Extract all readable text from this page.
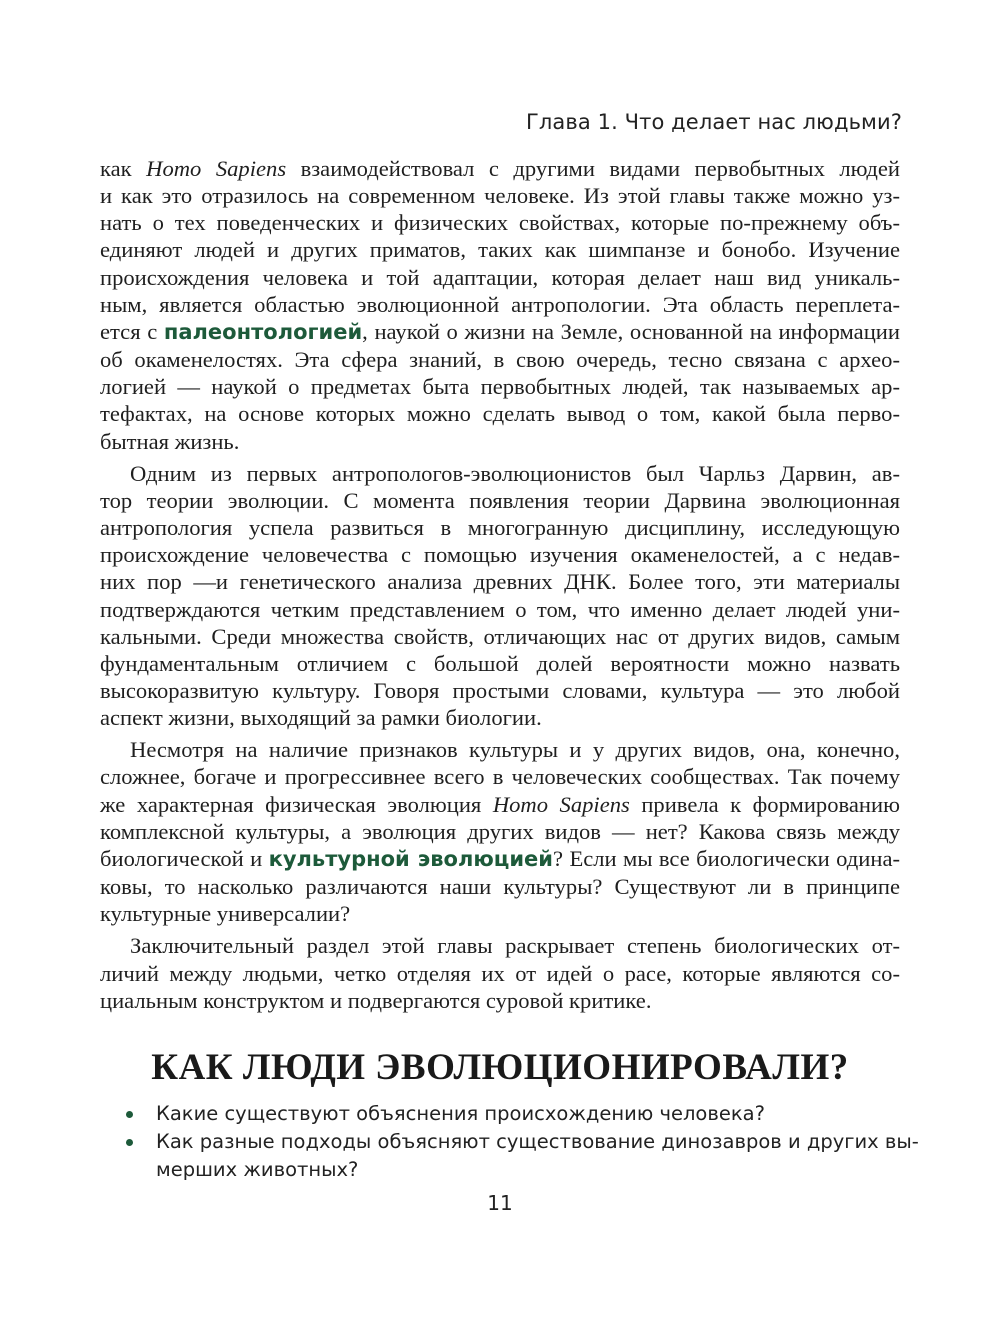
Глава 1. Что делает нас людьми?
как Homo Sapiens взаимодействовал с другими видами первобытных людей
и как это отразилось на современном человеке. Из этой главы также можно уз-
нать о тех поведенческих и физических свойствах, которые по-прежнему объ-
единяют людей и других приматов, таких как шимпанзе и бонобо. Изучение
происхождения человека и той адаптации, которая делает наш вид уникаль-
ным, является областью эволюционной антропологии. Эта область переплета-
ется с палеонтологией, наукой о жизни на Земле, основанной на информации
об окаменелостях. Эта сфера знаний, в свою очередь, тесно связана с архео-
логией — наукой о предметах быта первобытных людей, так называемых ар-
тефактах, на основе которых можно сделать вывод о том, какой была перво-
бытная жизнь.
Одним из первых антропологов-эволюционистов был Чарльз Дарвин, ав-
тор теории эволюции. С момента появления теории Дарвина эволюционная
антропология успела развиться в многогранную дисциплину, исследующую
происхождение человечества с помощью изучения окаменелостей, а с недав-
них пор —и генетического анализа древних ДНК. Более того, эти материалы
подтверждаются четким представлением о том, что именно делает людей уни-
кальными. Среди множества свойств, отличающих нас от других видов, самым
фундаментальным отличием с большой долей вероятности можно назвать
высокоразвитую культуру. Говоря простыми словами, культура — это любой
аспект жизни, выходящий за рамки биологии.
Несмотря на наличие признаков культуры и у других видов, она, конечно,
сложнее, богаче и прогрессивнее всего в человеческих сообществах. Так почему
же характерная физическая эволюция Homo Sapiens привела к формированию
комплексной культуры, а эволюция других видов — нет? Какова связь между
биологической и культурной эволюцией? Если мы все биологически одина-
ковы, то насколько различаются наши культуры? Существуют ли в принципе
культурные универсалии?
Заключительный раздел этой главы раскрывает степень биологических от-
личий между людьми, четко отделяя их от идей о расе, которые являются со-
циальным конструктом и подвергаются суровой критике.
КАК ЛЮДИ ЭВОЛЮЦИОНИРОВАЛИ?
Какие существуют объяснения происхождению человека?
Как разные подходы объясняют существование динозавров и других вы-
мерших животных?
11
